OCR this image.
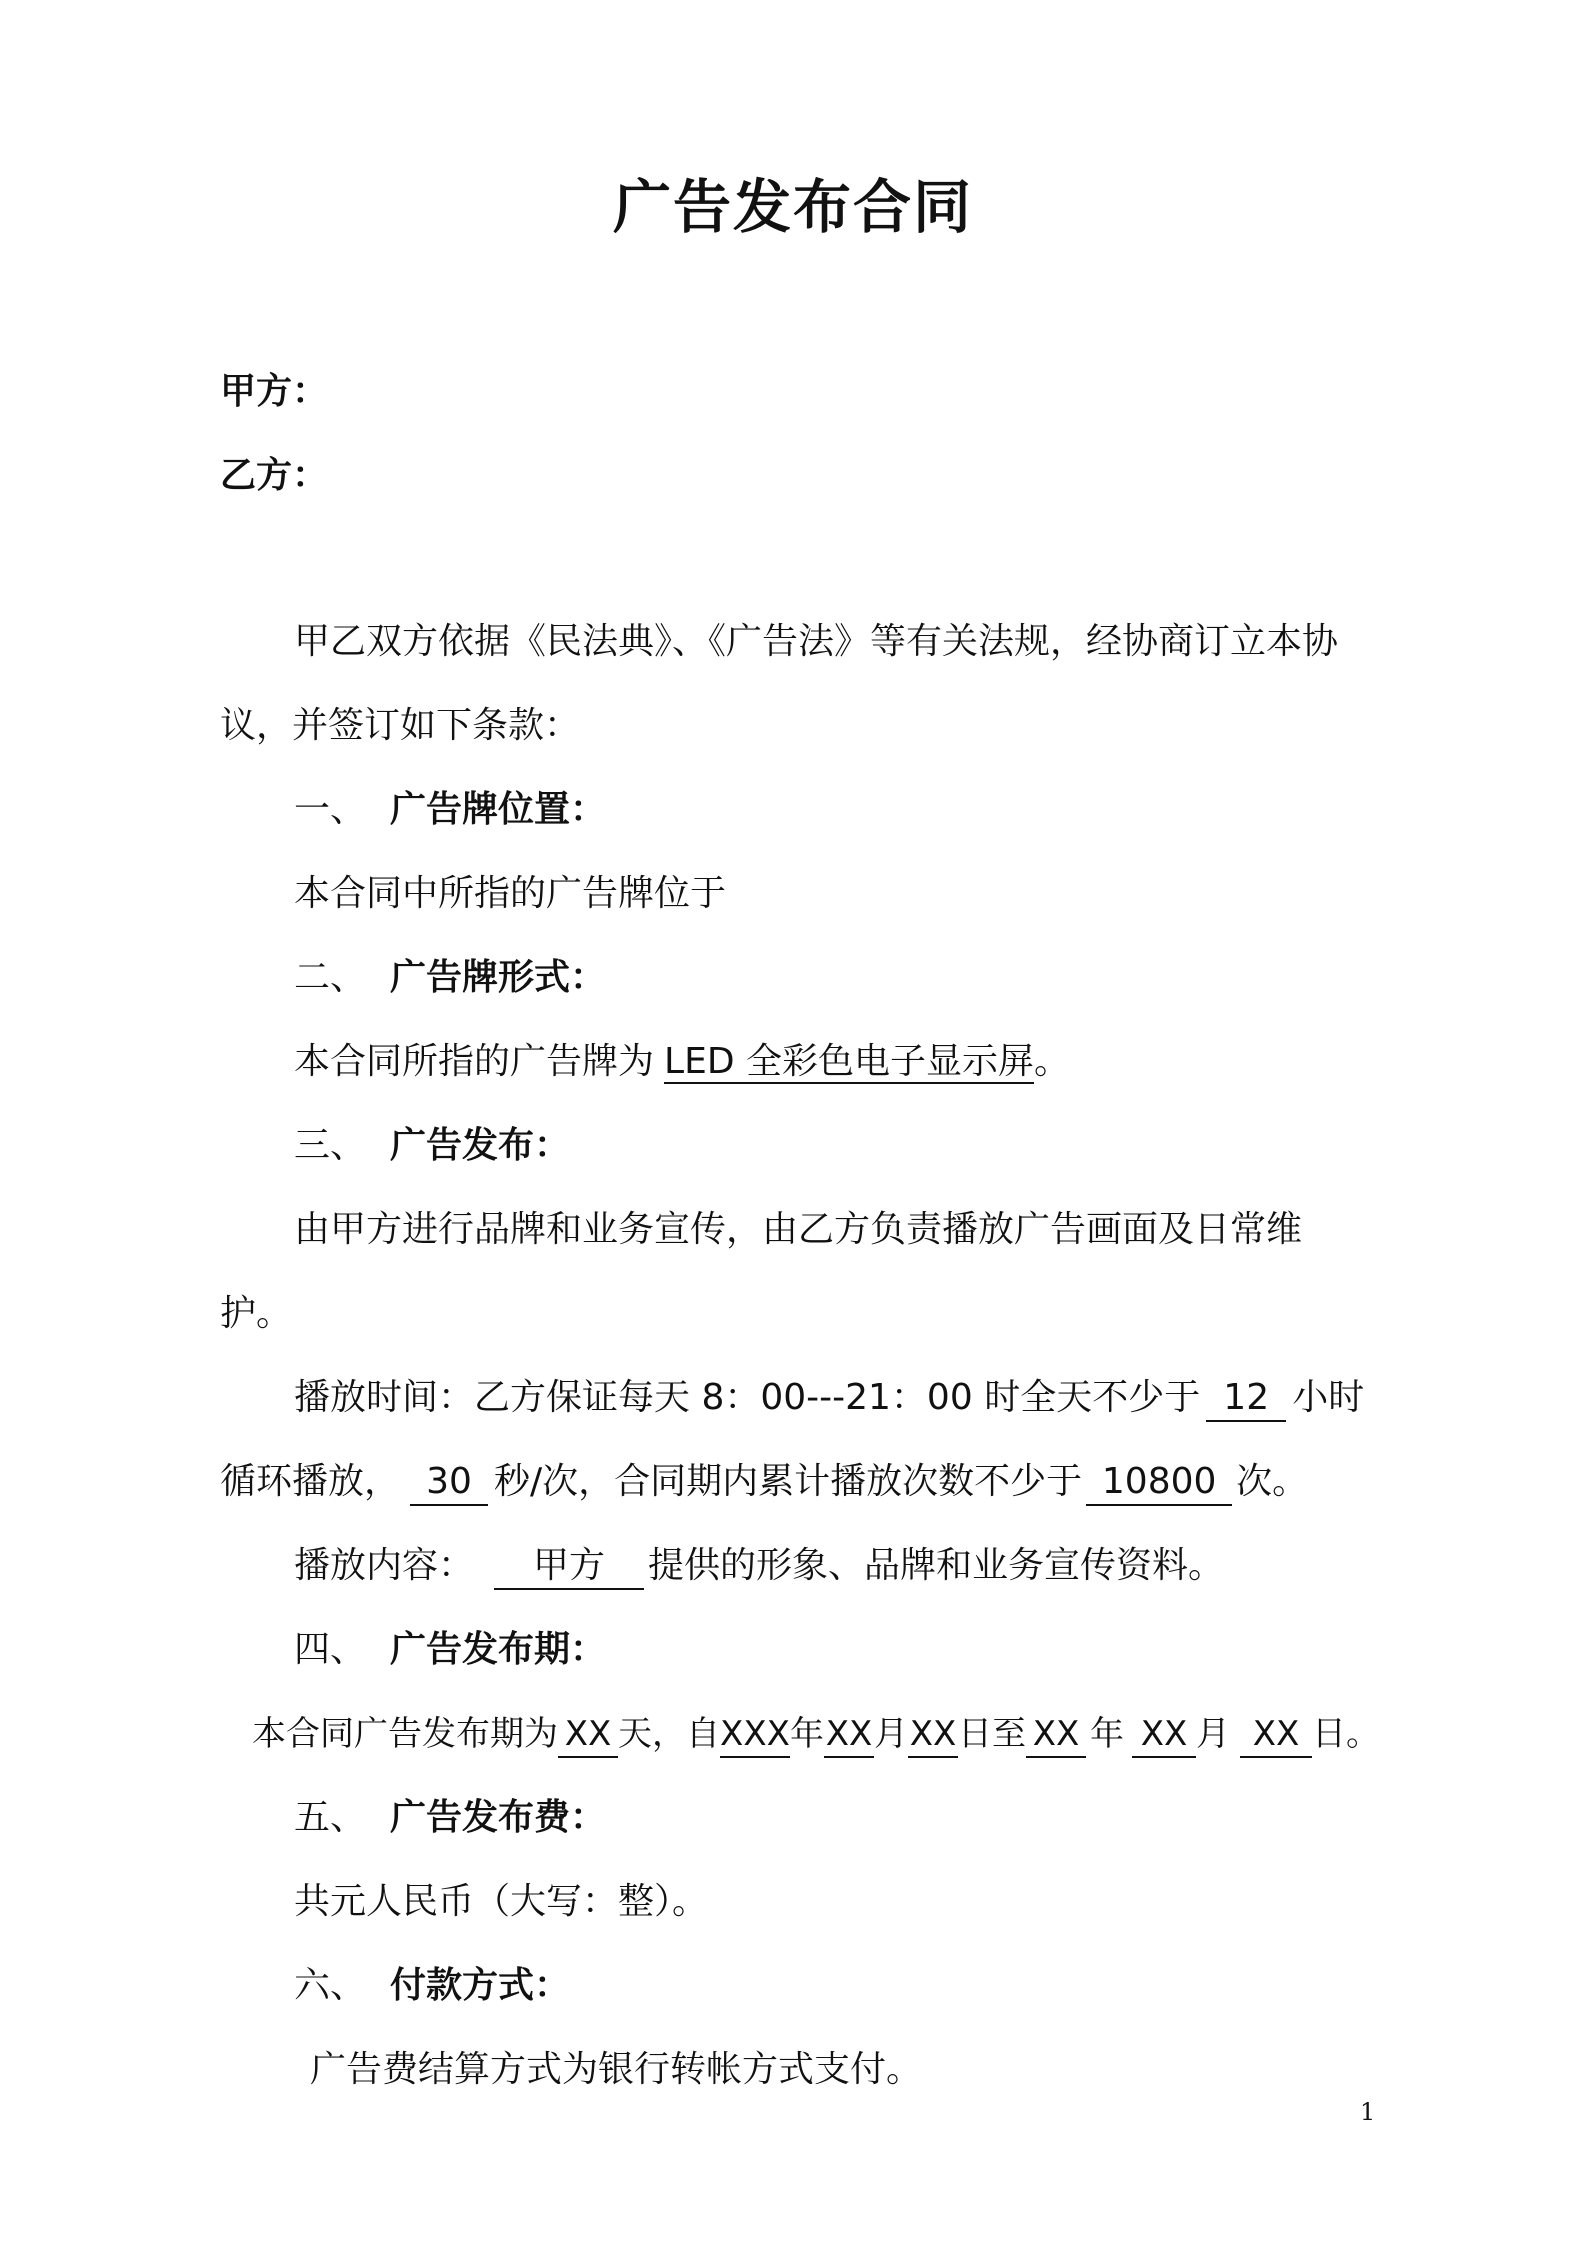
广告发布合同
甲方：
乙方：
甲乙双方依据《民法典》、《广告法》等有关法规，经协商订立本协
议，并签订如下条款：
一、 广告牌位置：
本合同中所指的广告牌位于
二、 广告牌形式：
本合同所指的广告牌为 LED 全彩色电子显示屏。
三、 广告发布：
由甲方进行品牌和业务宣传，由乙方负责播放广告画面及日常维
护。
播放时间：乙方保证每天 8：00---21：00 时全天不少于 12 小时
循环播放， 30 秒/次，合同期内累计播放次数不少于 10800 次。
播放内容： 甲方 提供的形象、品牌和业务宣传资料。
四、 广告发布期：
本合同广告发布期为 XX 天，自XXX年XX月XX日至 XX 年 XX 月 XX 日。
五、 广告发布费：
共元人民币（大写：整）。
六、 付款方式：
广告费结算方式为银行转帐方式支付。
1
